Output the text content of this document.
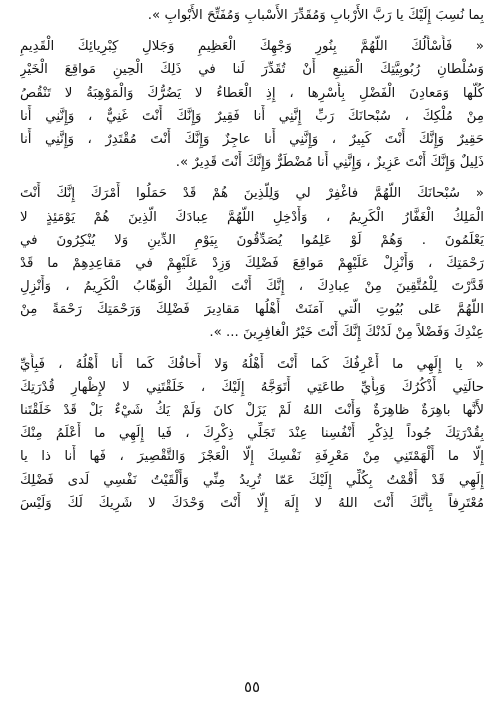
بِما نُسِبَ إِلَيْكَ يا رَبَّ الأَرْبابِ وَمُقَدِّرَ الأَسْبابِ وَمُفَتِّحَ الأَبْوابِ ».

« فَأَسْأَلُكَ اللَّهُمَّ بِنُورِ وَجْهِكَ الْعَظِيمِ وَجَلالِ كِبْرِيائِكَ الْقَدِيمِ
وَسُلْطانِ رُبُوبِيَّتِكَ الْمَنِيعِ أَنْ تُقَدِّرَ لَنا في ذَلِكَ الْحِينِ مَواقِعَ الْخَيْرِ
كُلَّها وَمَعادِنَ الْفَضْلِ بِأَسْرِها ، إِذِ الْعَطاءُ لا يَضُرُّكَ وَالْمَوْهِبَةُ لا تَنْقُصُ
مِنْ مُلْكِكَ ، سُبْحانَكَ رَبِّ إِنَّنِي أَنا فَقِيرٌ وَإِنَّكَ أَنْتَ غَنِيٌّ ، وَإِنَّنِي أَنا
حَقِيرٌ وَإِنَّكَ أَنْتَ كَبِيرٌ ، وَإِنَّنِي أَنا عاجِزٌ وَإِنَّكَ أَنْتَ مُقْتَدِرٌ ، وَإِنَّنِي أَنا
ذَلِيلٌ وَإِنَّكَ أَنْتَ عَزِيزٌ ، وَإِنَّنِي أَنا مُضْطَرٌّ وَإِنَّكَ أَنْتَ قَدِيرٌ ».

« سُبْحانَكَ اللَّهُمَّ فاغْفِرْ لي وَلِلَّذِينَ هُمْ قَدْ حَمَلُوا أَمْرَكَ إِنَّكَ أَنْتَ
الْمَلِكُ الْغَفَّارُ الْكَرِيمُ ، وَأَدْخِلِ اللَّهُمَّ عِبادَكَ الَّذِينَ هُمْ يَوْمَئِذٍ لا
يَعْلَمُونَ . وَهُمْ لَوْ عَلِمُوا يُصَدِّقُونَ بِيَوْمِ الدِّينِ وَلا يُنْكِرُونَ في
رَحْمَتِكَ ، وَأَنْزِلْ عَلَيْهِمْ مَواقِعَ فَضْلِكَ وَزِدْ عَلَيْهِمْ في مَقاعِدِهِمْ ما قَدْ
قَدَّرْتَ لِلْمُتَّقِينَ مِنْ عِبادِكَ ، إِنَّكَ أَنْتَ الْمَلِكُ الْوَهّابُ الْكَرِيمُ ، وَأَنْزِلِ
اللَّهُمَّ عَلى بُيُوتِ الَّتي آمَنَتْ أَهْلُها مَقادِيرَ فَضْلِكَ وَرَحْمَتِكَ رَحْمَةً مِنْ
عِنْدِكَ وَفَضْلاً مِنْ لَدُنْكَ إِنَّكَ أَنْتَ خَيْرُ الْغافِرِينَ ... ».

« يا إِلَهِي ما أَعْرِفُكَ كَما أَنْتَ أَهْلُهُ وَلا أَخافُكَ كَما أَنا أَهْلُهُ ، فَبِأَيِّ
حالَتِي أَذْكُرُكَ وَبِأَيِّ طاعَتِي أَتَوَجَّهُ إِلَيْكَ ، خَلَقْتَنِي لا لإِظْهارِ قُدْرَتِكَ
لأَنَّها باهِرَةٌ ظاهِرَةٌ وَأَنْتَ اللهُ لَمْ يَزَلْ كانَ وَلَمْ يَكُ شَيْءٌ بَلْ قَدْ خَلَقْتَنا
بِقُدْرَتِكَ جُوداً لِذِكْرِ أَنْفُسِنا عِنْدَ تَجَلِّي ذِكْرِكَ ، فَيا إِلَهِي ما أَعْلَمُ مِنْكَ
إِلّا ما أَلْهَمْتَنِي مِنْ مَعْرِفَةِ نَفْسِكَ إِلّا الْعَجْزَ وَالتَّقْصِيرَ ، فَها أَنا ذا يا
إِلَهِي قَدْ أَقْمْتُ بِكُلِّي إِلَيْكَ عَمّا تُرِيدُ مِنِّي وَأَلْقَيْتُ نَفْسِي لَدى فَضْلِكَ
مُعْتَرِفاً بِأَنَّكَ أَنْتَ اللهُ لا إِلَهَ إِلّا أَنْتَ وَحْدَكَ لا شَرِيكَ لَكَ وَلَيْسَ

٥٥
